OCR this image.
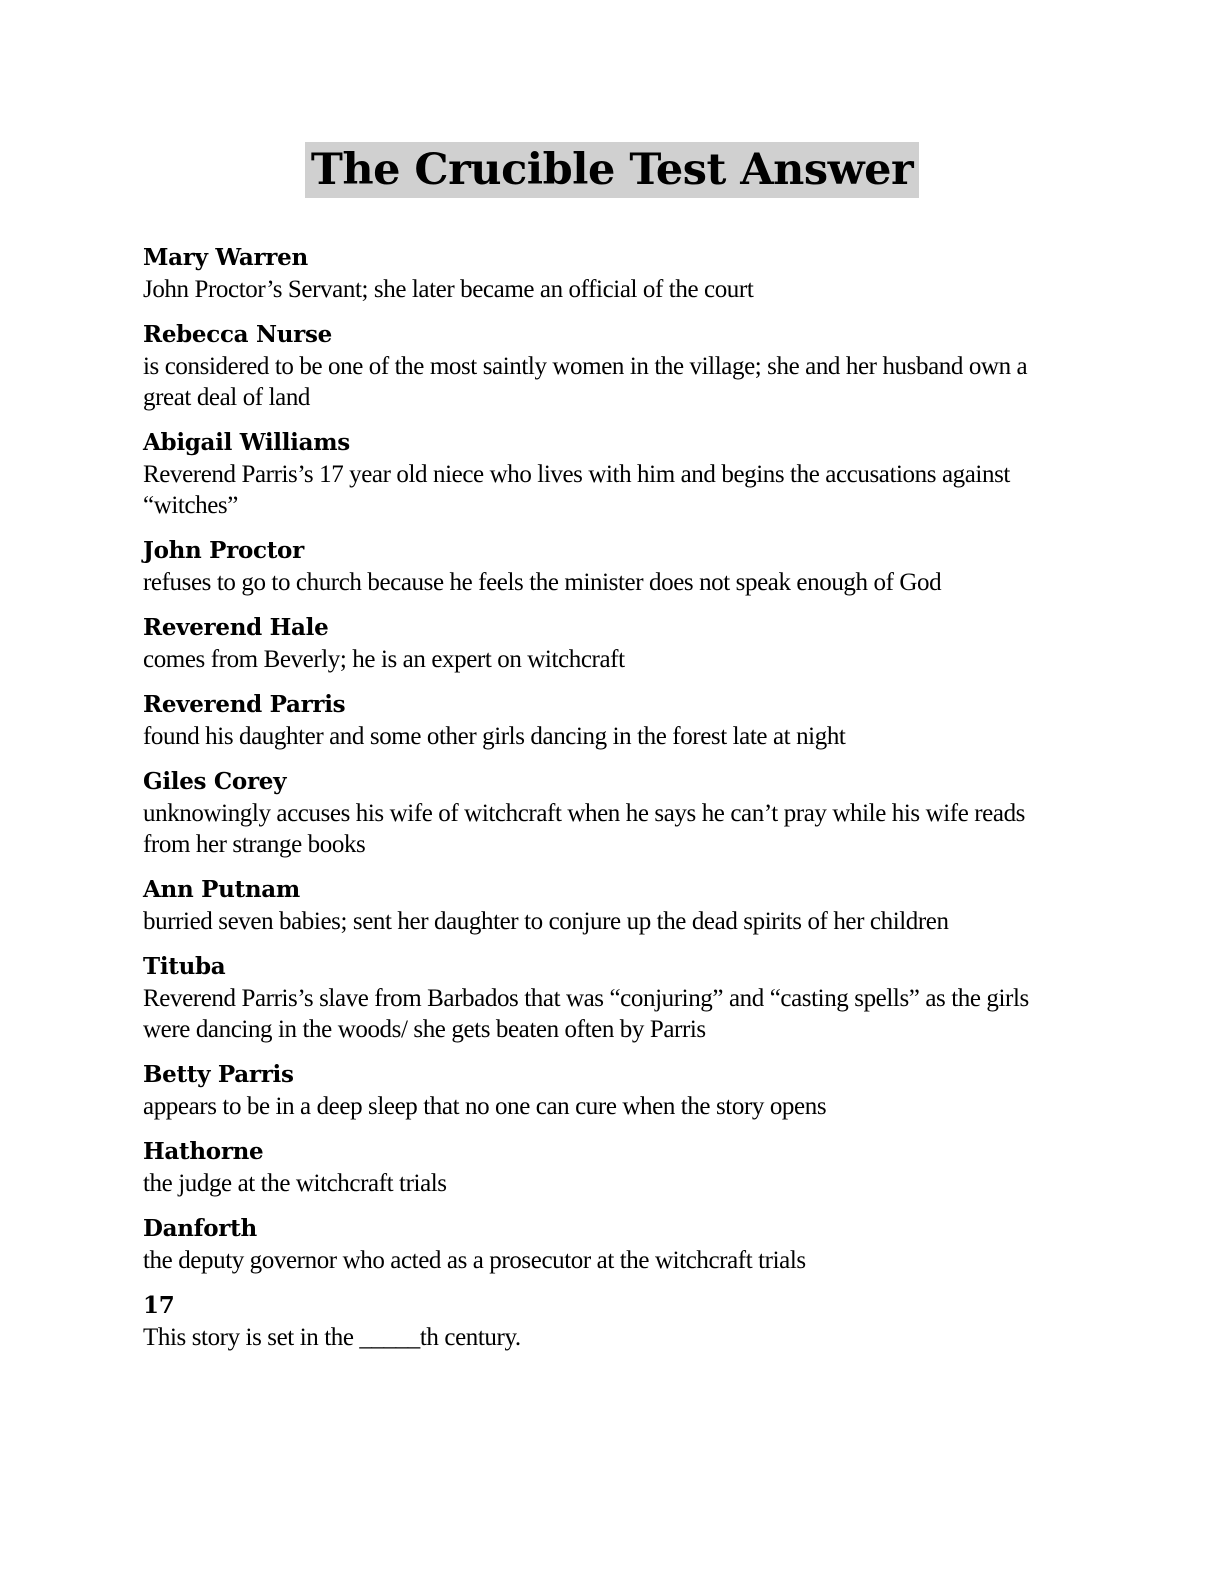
The Crucible Test Answer
Mary Warren
John Proctor’s Servant; she later became an official of the court
Rebecca Nurse
is considered to be one of the most saintly women in the village; she and her husband own a great deal of land
Abigail Williams
Reverend Parris’s 17 year old niece who lives with him and begins the accusations against “witches”
John Proctor
refuses to go to church because he feels the minister does not speak enough of God
Reverend Hale
comes from Beverly; he is an expert on witchcraft
Reverend Parris
found his daughter and some other girls dancing in the forest late at night
Giles Corey
unknowingly accuses his wife of witchcraft when he says he can’t pray while his wife reads from her strange books
Ann Putnam
burried seven babies; sent her daughter to conjure up the dead spirits of her children
Tituba
Reverend Parris’s slave from Barbados that was “conjuring” and “casting spells” as the girls were dancing in the woods/ she gets beaten often by Parris
Betty Parris
appears to be in a deep sleep that no one can cure when the story opens
Hathorne
the judge at the witchcraft trials
Danforth
the deputy governor who acted as a prosecutor at the witchcraft trials
17
This story is set in the _____th century.
